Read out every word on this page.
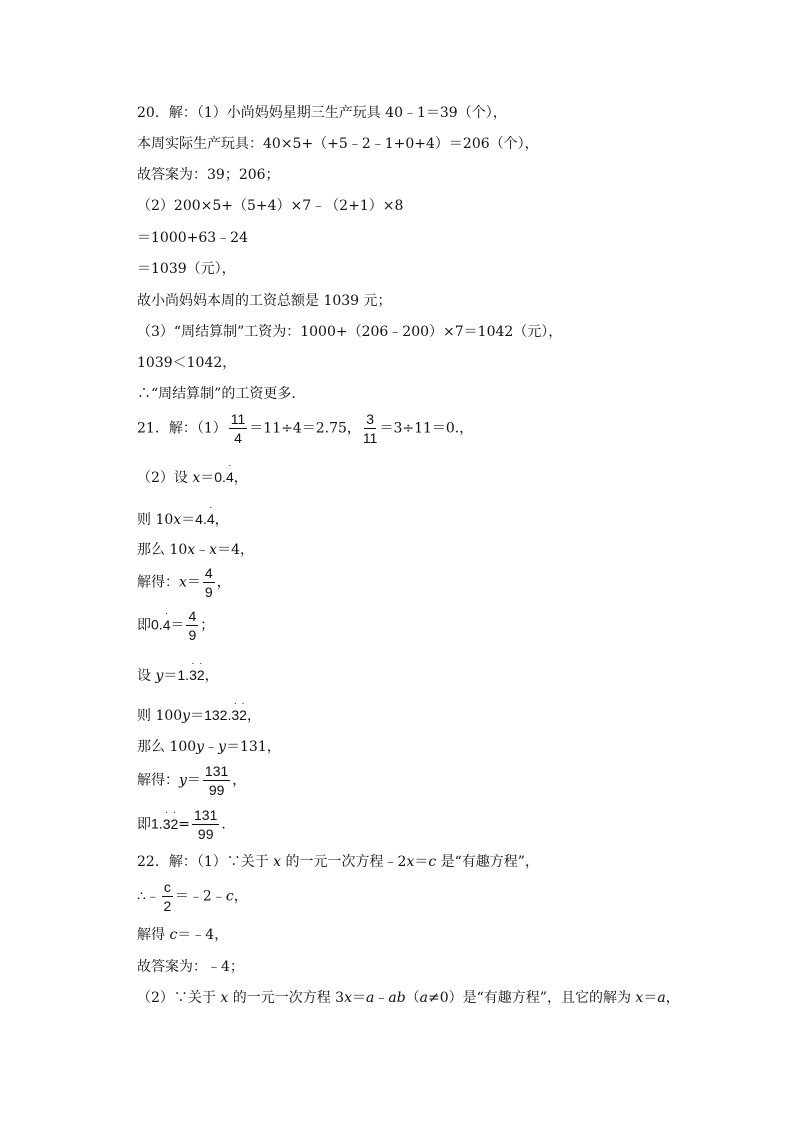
20．解：（1）小尚妈妈星期三生产玩具 40﹣1＝39（个），
本周实际生产玩具：40×5+（+5﹣2﹣1+0+4）＝206（个），
故答案为：39；206；
（2）200×5+（5+4）×7﹣（2+1）×8
＝1000+63﹣24
＝1039（元），
故小尚妈妈本周的工资总额是 1039 元；
（3）“周结算制”工资为：1000+（206﹣200）×7＝1042（元），
1039＜1042，
∴“周结算制”的工资更多．
21．解：$(1) \frac{11}{4} =11\div 4=2.75$， $\frac{3}{11} =3\div 11=0$.，
（2）设 x＝0.
·
4，
则 10x＝4.
·
4，
那么 10x﹣x＝4，
解得：$x= \frac{4}{9}$ ，
即0.
·
$4= \frac{4}{9}$ ；
设 y＝1.
·
3
·
2，
则 100y＝132.
·
3
·
2，
那么 100y﹣y＝131，
解得：$y= \frac{131}{99}$ ，
即1.
·
3
·
$2= \frac{131}{99}$ ．
22．解：（1）∵关于 x 的一元一次方程﹣2x＝c 是“有趣方程”，
∴﹣ $\frac{c}{2}$ ＝﹣2﹣c，
解得 c＝﹣4，
故答案为：﹣4；
（2）∵关于 x 的一元一次方程 3x＝a﹣ab（a≠0）是“有趣方程”，且它的解为 x＝a，
